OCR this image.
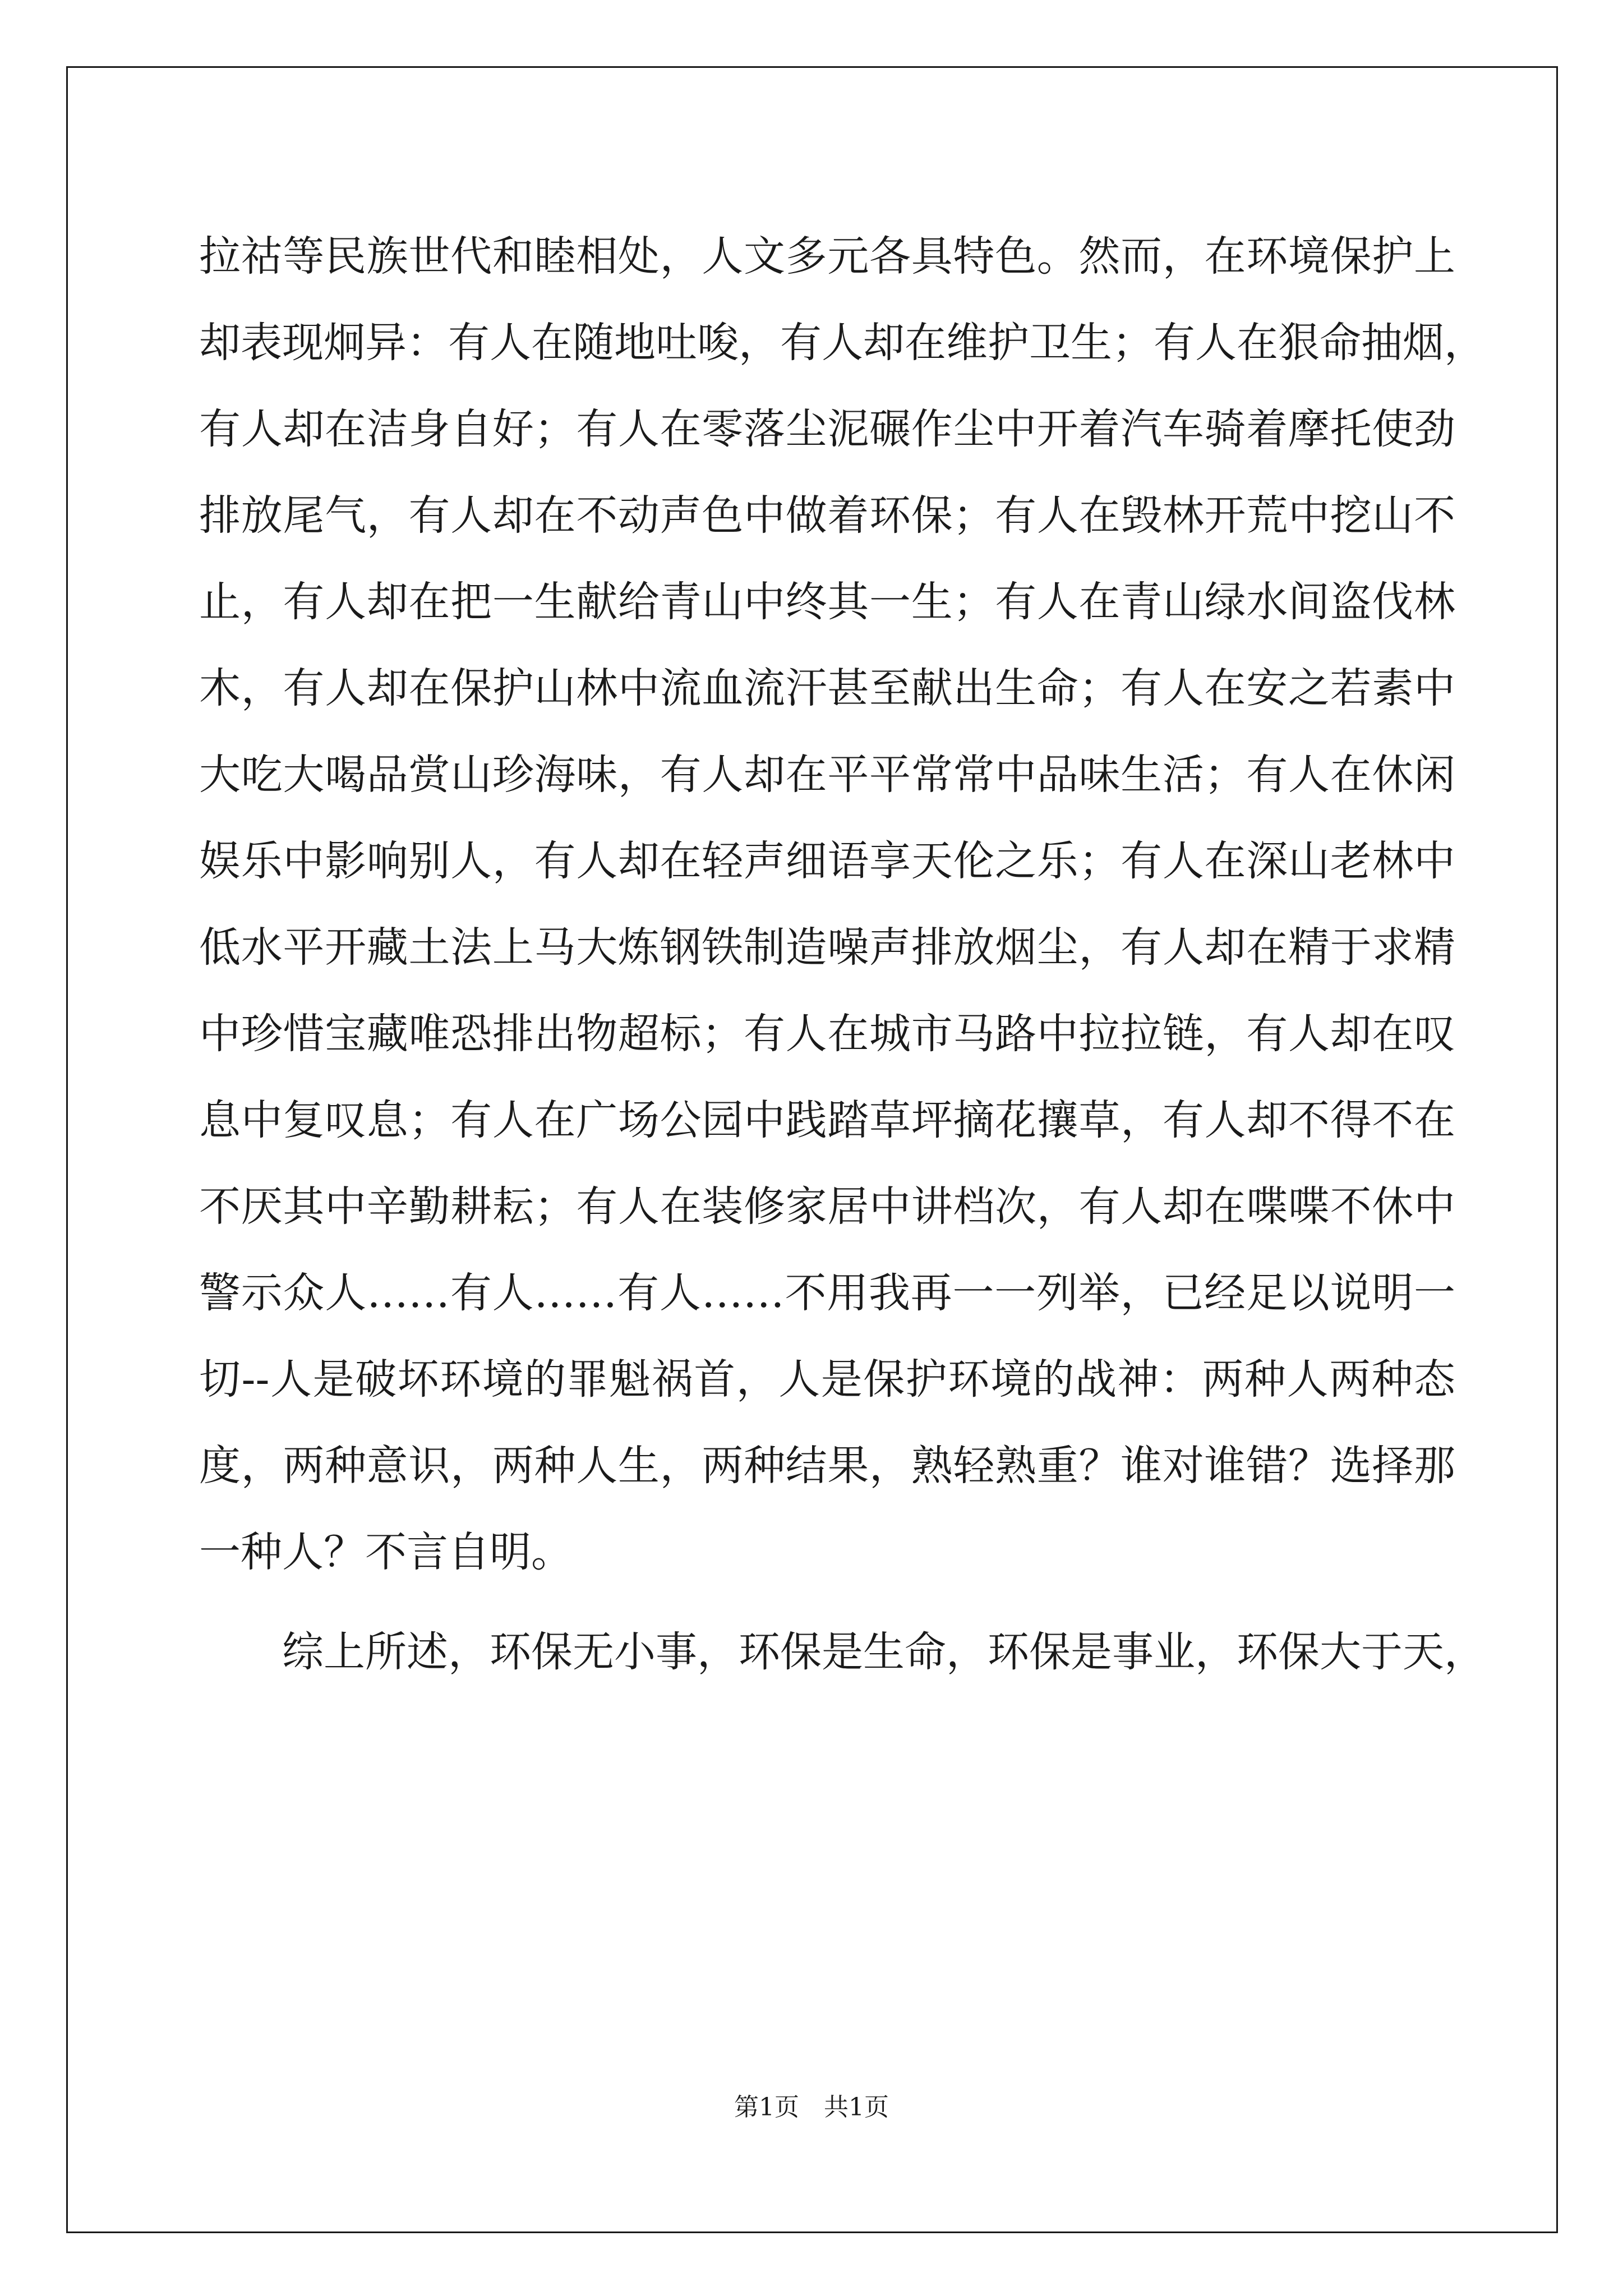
拉祜等民族世代和睦相处，人文多元各具特色。然而，在环境保护上
却表现炯异：有人在随地吐唆，有人却在维护卫生；有人在狠命抽烟，
有人却在洁身自好；有人在零落尘泥碾作尘中开着汽车骑着摩托使劲
排放尾气，有人却在不动声色中做着环保；有人在毁林开荒中挖山不
止，有人却在把一生献给青山中终其一生；有人在青山绿水间盗伐林
木，有人却在保护山林中流血流汗甚至献出生命；有人在安之若素中
大吃大喝品赏山珍海味，有人却在平平常常中品味生活；有人在休闲
娱乐中影响别人，有人却在轻声细语享天伦之乐；有人在深山老林中
低水平开藏土法上马大炼钢铁制造噪声排放烟尘，有人却在精于求精
中珍惜宝藏唯恐排出物超标；有人在城市马路中拉拉链，有人却在叹
息中复叹息；有人在广场公园中践踏草坪摘花攘草，有人却不得不在
不厌其中辛勤耕耘；有人在装修家居中讲档次，有人却在喋喋不休中
警示众人……有人……有人……不用我再一一列举，已经足以说明一
切--人是破坏环境的罪魁祸首，人是保护环境的战神：两种人两种态
度，两种意识，两种人生，两种结果，熟轻熟重？谁对谁错？选择那
一种人？不言自明。
综上所述，环保无小事，环保是生命，环保是事业，环保大于天，
第1页　共1页
